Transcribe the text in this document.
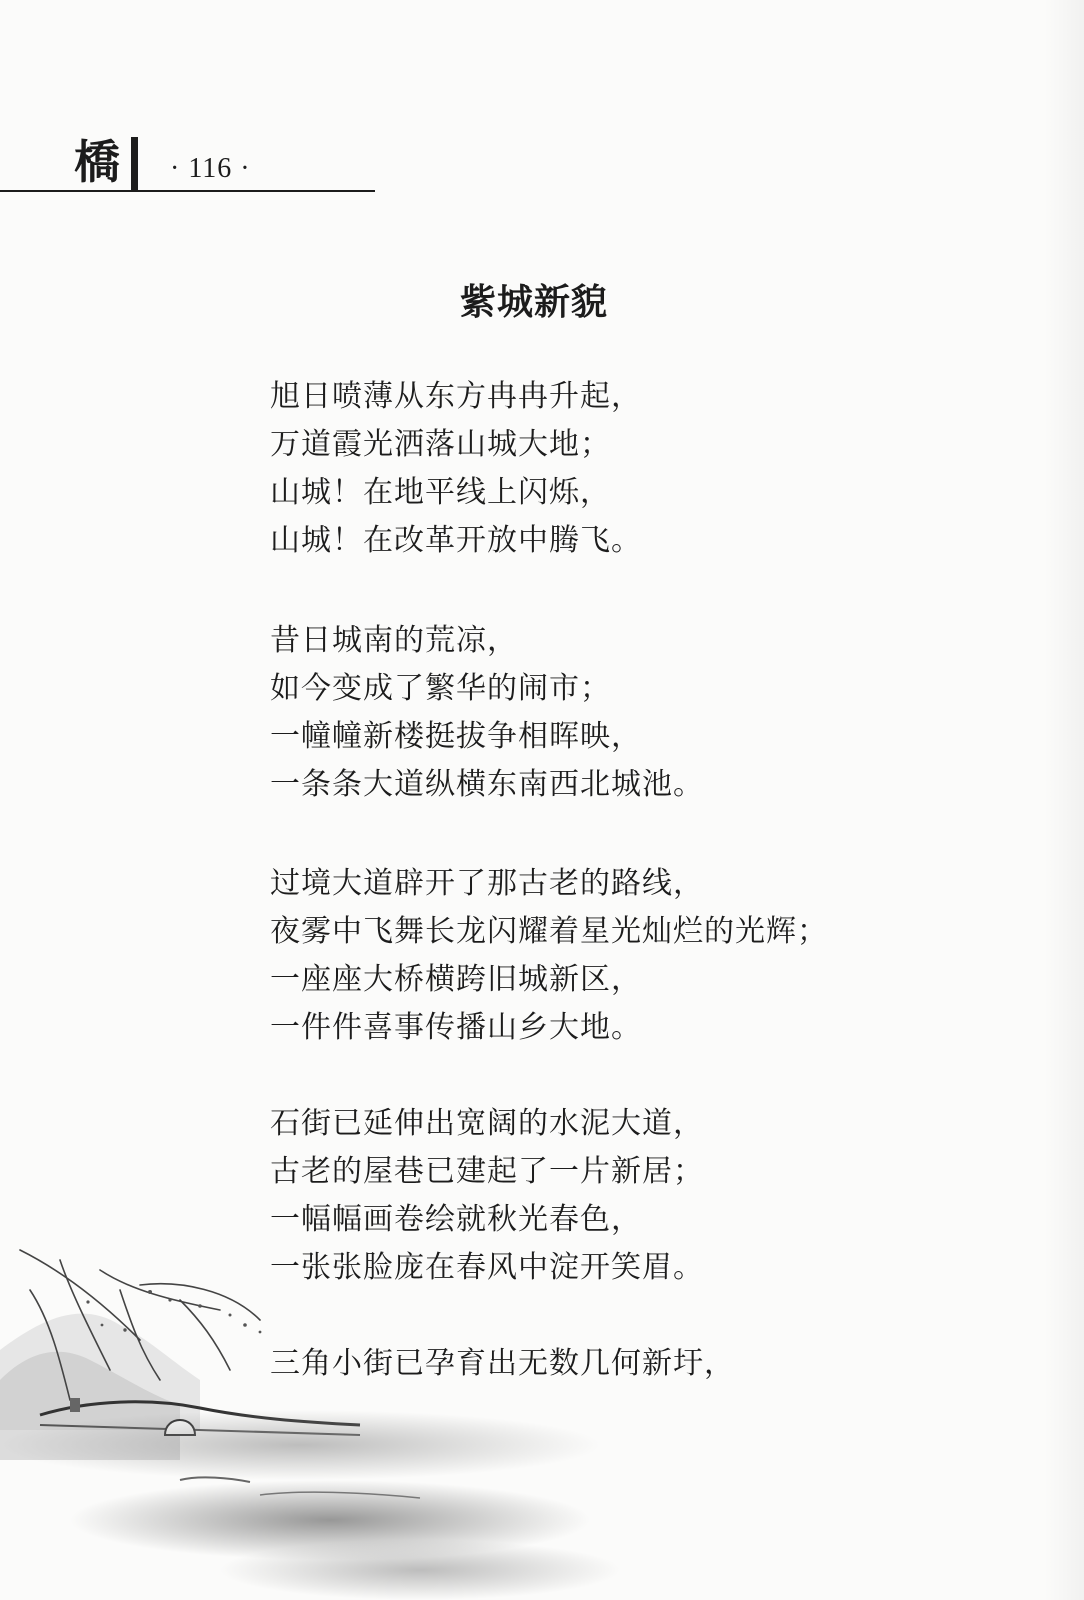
橋 · 116 ·
紫城新貌
旭日喷薄从东方冉冉升起，
万道霞光洒落山城大地；
山城！在地平线上闪烁，
山城！在改革开放中腾飞。
昔日城南的荒凉，
如今变成了繁华的闹市；
一幢幢新楼挺拔争相晖映，
一条条大道纵横东南西北城池。
过境大道辟开了那古老的路线，
夜雾中飞舞长龙闪耀着星光灿烂的光辉；
一座座大桥横跨旧城新区，
一件件喜事传播山乡大地。
石街已延伸出宽阔的水泥大道，
古老的屋巷已建起了一片新居；
一幅幅画卷绘就秋光春色，
一张张脸庞在春风中淀开笑眉。
三角小街已孕育出无数几何新圩，
